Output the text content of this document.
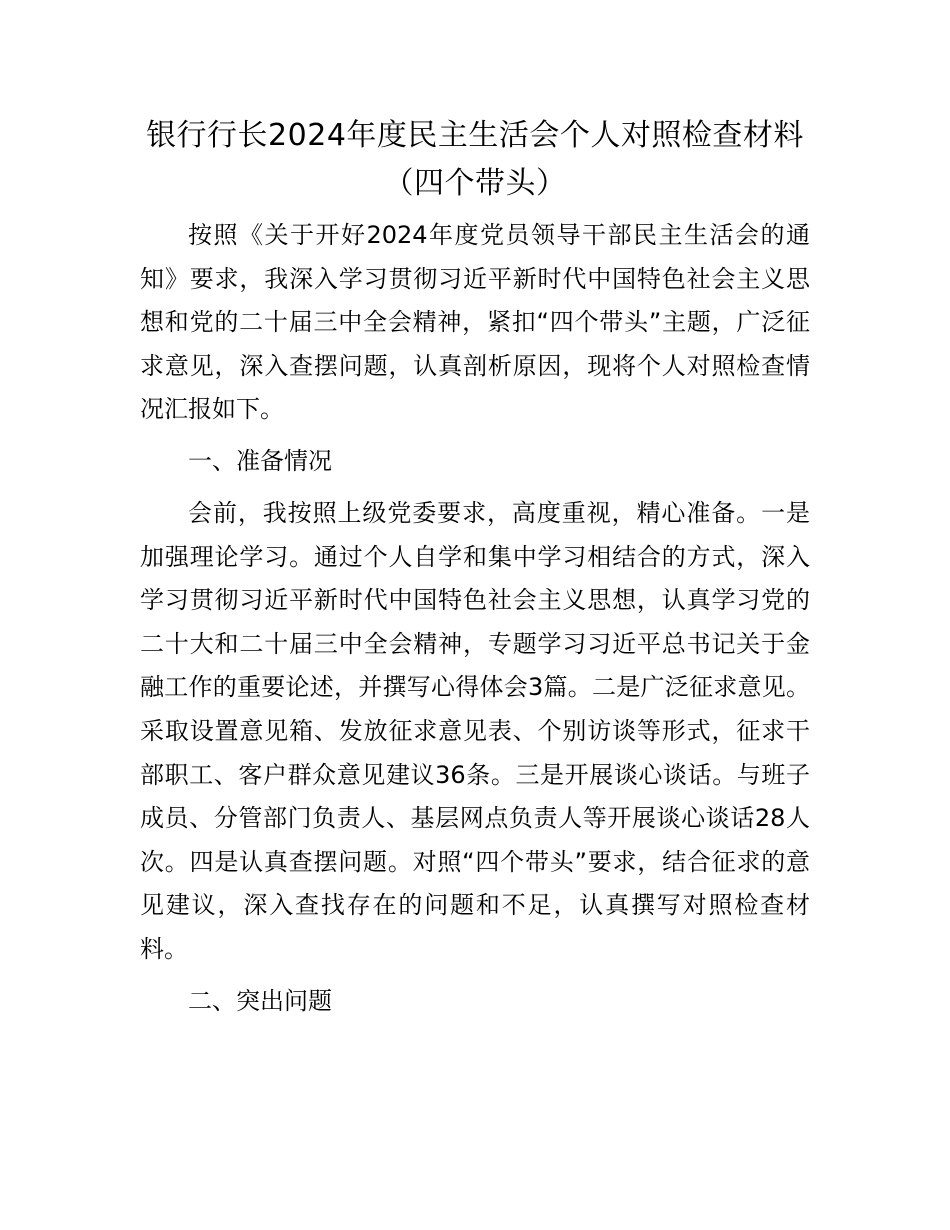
银行行长2024年度民主生活会个人对照检查材料（四个带头）

按照《关于开好2024年度党员领导干部民主生活会的通知》要求，我深入学习贯彻习近平新时代中国特色社会主义思想和党的二十届三中全会精神，紧扣“四个带头”主题，广泛征求意见，深入查摆问题，认真剖析原因，现将个人对照检查情况汇报如下。

一、准备情况

会前，我按照上级党委要求，高度重视，精心准备。一是加强理论学习。通过个人自学和集中学习相结合的方式，深入学习贯彻习近平新时代中国特色社会主义思想，认真学习党的二十大和二十届三中全会精神，专题学习习近平总书记关于金融工作的重要论述，并撰写心得体会3篇。二是广泛征求意见。采取设置意见箱、发放征求意见表、个别访谈等形式，征求干部职工、客户群众意见建议36条。三是开展谈心谈话。与班子成员、分管部门负责人、基层网点负责人等开展谈心谈话28人次。四是认真查摆问题。对照“四个带头”要求，结合征求的意见建议，深入查找存在的问题和不足，认真撰写对照检查材料。

二、突出问题
